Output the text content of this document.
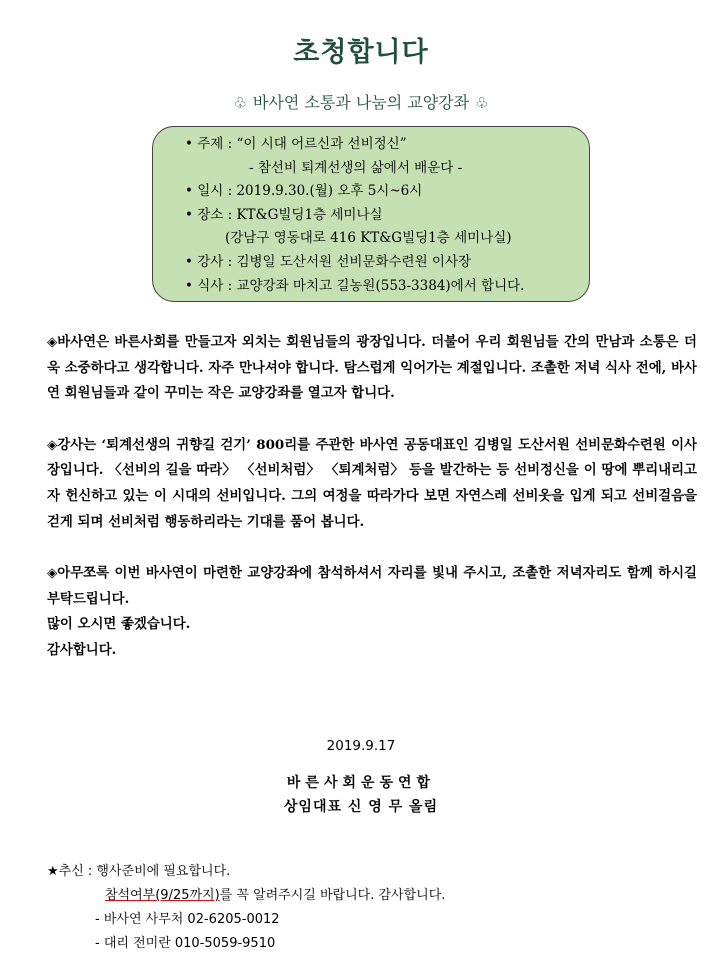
초청합니다
♧ 바사연 소통과 나눔의 교양강좌 ♧
• 주제 : “이 시대 어르신과 선비정신”
- 참선비 퇴계선생의 삶에서 배운다 -
• 일시 : 2019.9.30.(월) 오후 5시~6시
• 장소 : KT&G빌딩1층 세미나실
(강남구 영동대로 416 KT&G빌딩1층 세미나실)
• 강사 : 김병일 도산서원 선비문화수련원 이사장
• 식사 : 교양강좌 마치고 길농원(553-3384)에서 합니다.

◈바사연은 바른사회를 만들고자 외치는 회원님들의 광장입니다. 더불어 우리 회원님들 간의 만남과 소통은 더욱 소중하다고 생각합니다. 자주 만나셔야 합니다. 탐스럽게 익어가는 계절입니다. 조촐한 저녁 식사 전에, 바사연 회원님들과 같이 꾸미는 작은 교양강좌를 열고자 합니다.

◈강사는 ‘퇴계선생의 귀향길 걷기’ 800리를 주관한 바사연 공동대표인 김병일 도산서원 선비문화수련원 이사장입니다. 〈선비의 길을 따라〉 〈선비처럼〉 〈퇴계처럼〉 등을 발간하는 등 선비정신을 이 땅에 뿌리내리고자 헌신하고 있는 이 시대의 선비입니다. 그의 여정을 따라가다 보면 자연스레 선비옷을 입게 되고 선비걸음을 걷게 되며 선비처럼 행동하리라는 기대를 품어 봅니다.

◈아무쪼록 이번 바사연이 마련한 교양강좌에 참석하셔서 자리를 빛내 주시고, 조촐한 저녁자리도 함께 하시길 부탁드립니다.
많이 오시면 좋겠습니다.
감사합니다.

2019.9.17
바른사회운동연합
상임대표 신 영 무 올림
★추신 : 행사준비에 필요합니다.
참석여부(9/25까지)를 꼭 알려주시길 바랍니다. 감사합니다.
- 바사연 사무처 02-6205-0012
- 대리 전미란 010-5059-9510
